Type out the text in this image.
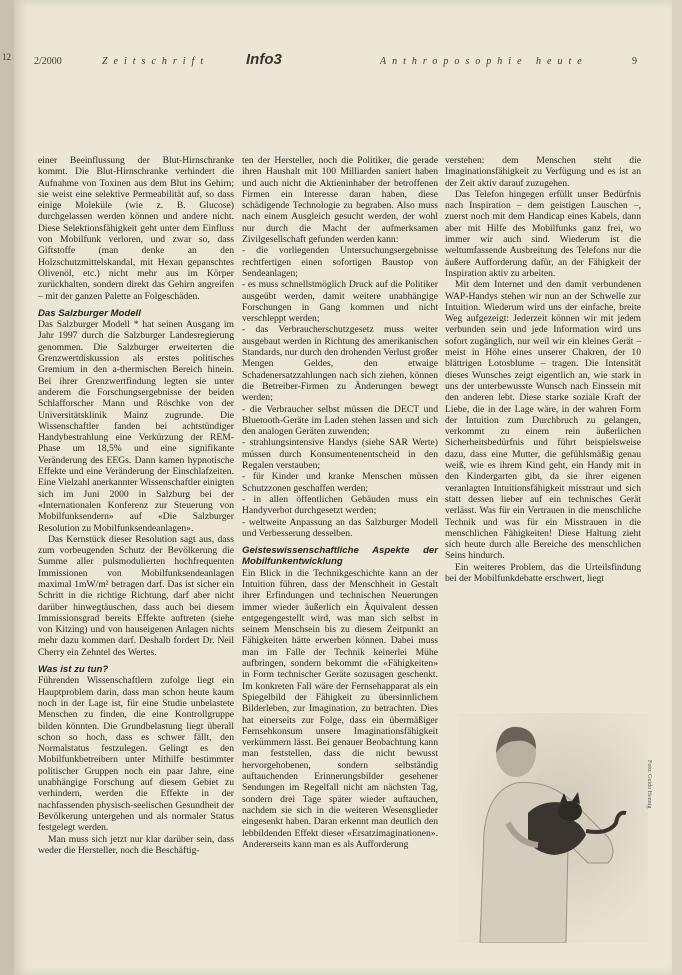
12 2/2000	Zeitschrift Info3	Anthroposophie heute	9

einer Beeinflussung der Blut-Hirnschranke kommt. Die Blut-Hirnschranke verhindert die Aufnahme von Toxinen aus dem Blut ins Gehirn; sie weist eine selektive Permeabilität auf, so dass einige Moleküle (wie z. B. Glucose) durchgelassen werden können und andere nicht. Diese Selektionsfähigkeit geht unter dem Einfluss von Mobilfunk verloren, und zwar so, dass Giftstoffe (man denke an den Holzschutzmittelskandal, mit Hexan gepanschtes Olivenöl, etc.) nicht mehr aus im Körper zurückhalten, sondern direkt das Gehirn angreifen – mit der ganzen Palette an Folgeschäden.

Das Salzburger Modell

Das Salzburger Modell * hat seinen Ausgang im Jahr 1997 durch die Salzburger Landesregierung genommen. Die Salzburger erweiterten die Grenzwertdiskussion als erstes politisches Gremium in den a-thermischen Bereich hinein. Bei ihrer Grenzwertfindung legten sie unter anderem die Forschungsergebnisse der beiden Schlafforscher Mann und Röschke von der Universitätsklinik Mainz zugrunde. Die Wissenschaftler fanden bei achtstündiger Handybestrahlung eine Verkürzung der REM-Phase um 18,5% und eine signifikante Veränderung des EEGs. Dann kamen hypnotische Effekte und eine Veränderung der Einschlafzeiten. Eine Vielzahl anerkannter Wissenschaftler einigten sich im Juni 2000 in Salzburg bei der «Internationalen Konferenz zur Steuerung von Mobilfunksendern» auf «Die Salzburger Resolution zu Mobilfunksendeanlagen».

Das Kernstück dieser Resolution sagt aus, dass zum vorbeugenden Schutz der Bevölkerung die Summe aller pulsmodulierten hochfrequenten Immissionen von Mobilfunksendeanlagen maximal 1mW/m² betragen darf. Das ist sicher ein Schritt in die richtige Richtung, darf aber nicht darüber hinwegtäuschen, dass auch bei diesem Immissionsgrad bereits Effekte auftreten (siehe von Kitzing) und von hauseigenen Anlagen nichts mehr dazu kommen darf. Deshalb fordert Dr. Neil Cherry ein Zehntel des Wertes.

Was ist zu tun?

Führenden Wissenschaftlern zufolge liegt ein Hauptproblem darin, dass man schon heute kaum noch in der Lage ist, für eine Studie unbelastete Menschen zu finden, die eine Kontrollgruppe bilden könnten. Die Grundbelastung liegt überall schon so hoch, dass es schwer fällt, den Normalstatus festzulegen. Gelingt es den Mobilfunkbetreibern unter Mithilfe bestimmter politischer Gruppen noch ein paar Jahre, eine unabhängige Forschung auf diesem Gebiet zu verhindern, werden die Effekte in der nachfassenden physisch-seelischen Gesundheit der Bevölkerung untergehen und als normaler Status festgelegt werden.

Man muss sich jetzt nur klar darüber sein, dass weder die Hersteller, noch die Beschäftig-

ten der Hersteller, noch die Politiker, die gerade ihren Haushalt mit 100 Milliarden saniert haben und auch nicht die Aktieninhaber der betroffenen Firmen ein Interesse daran haben, diese schädigende Technologie zu begraben. Also muss nach einem Ausgleich gesucht werden, der wohl nur durch die Macht der aufmerksamen Zivilgesellschaft gefunden werden kann:

- die vorliegenden Untersuchungsergebnisse rechtfertigen einen sofortigen Baustop von Sendeanlagen;

- es muss schnellstmöglich Druck auf die Politiker ausgeübt werden, damit weitere unabhängige Forschungen in Gang kommen und nicht verschleppt werden;

- das Verbraucherschutzgesetz muss weiter ausgebaut werden in Richtung des amerikanischen Standards, nur durch den drohenden Verlust großer Mengen Geldes, den etwaige Schadenersatzzahlungen nach sich ziehen, können die Betreiber-Firmen zu Änderungen bewegt werden;

- die Verbraucher selbst müssen die DECT und Bluetooth-Geräte im Laden stehen lassen und sich den analogen Geräten zuwenden;

- strahlungsintensive Handys (siehe SAR Werte) müssen durch Konsumentenentscheid in den Regalen verstauben;

- für Kinder und kranke Menschen müssen Schutzzonen geschaffen werden;

- in allen öffentlichen Gebäuden muss ein Handyverbot durchgesetzt werden;

- weltweite Anpassung an das Salzburger Modell und Verbesserung desselben.

Geisteswissenschaftliche Aspekte der Mobilfunkentwicklung

Ein Blick in die Technikgeschichte kann an der Intuition führen, dass der Menschheit in Gestalt ihrer Erfindungen und technischen Neuerungen immer wieder äußerlich ein Äquivalent dessen entgegengestellt wird, was man sich selbst in seinem Menschsein bis zu diesem Zeitpunkt an Fähigkeiten hätte erwerben können. Dabei muss man im Falle der Technik keinerlei Mühe aufbringen, sondern bekommt die «Fähigkeiten» in Form technischer Geräte sozusagen geschenkt. Im konkreten Fall wäre der Fernsehapparat als ein Spiegelbild der Fähigkeit zu übersinnlichem Bilderleben, zur Imagination, zu betrachten. Dies hat einerseits zur Folge, dass ein übermäßiger Fernsehkonsum unsere Imaginationsfähigkeit verkümmern lässt. Bei genauer Beobachtung kann man feststellen, dass die nicht bewusst hervorgehobenen, sondern selbständig auftauchenden Erinnerungsbilder gesehener Sendungen im Regelfall nicht am nächsten Tag, sondern drei Tage später wieder auftauchen, nachdem sie sich in die weiteren Wesensglieder eingesenkt haben. Daran erkennt man deutlich den lebbildenden Effekt dieser «Ersatzimaginationen». Andererseits kann man es als Aufforderung

verstehen: dem Menschen steht die Imaginationsfähigkeit zu Verfügung und es ist an der Zeit aktiv darauf zuzugehen.

Das Telefon hingegen erfüllt unser Bedürfnis nach Inspiration – dem geistigen Lauschen –, zuerst noch mit dem Handicap eines Kabels, dann aber mit Hilfe des Mobilfunks ganz frei, wo immer wir auch sind. Wiederum ist die weltumfassende Ausbreitung des Telefons nur die äußere Aufforderung dafür, an der Fähigkeit der Inspiration aktiv zu arbeiten.

Mit dem Internet und den damit verbundenen WAP-Handys stehen wir nun an der Schwelle zur Intuition. Wiederum wird uns der einfache, breite Weg aufgezeigt: Jederzeit können wir mit jedem verbunden sein und jede Information wird uns sofort zugänglich, nur weil wir ein kleines Gerät – meist in Höhe eines unserer Chakren, der 10 blättrigen Lotosblume – tragen. Die Intensität dieses Wunsches zeigt eigentlich an, wie stark in uns der unterbewusste Wunsch nach Einssein mit den anderen lebt. Diese starke soziale Kraft der Liebe, die in der Lage wäre, in der wahren Form der Intuition zum Durchbruch zu gelangen, verkommt zu einem rein äußerlichen Sicherheitsbedürfnis und führt beispielsweise dazu, dass eine Mutter, die gefühlsmäßig genau weiß, wie es ihrem Kind geht, ein Handy mit in den Kindergarten gibt, da sie ihrer eigenen veranlagten Intuitionsfähigkeit misstraut und sich statt dessen lieber auf ein technisches Gerät verlässt. Was für ein Vertrauen in die menschliche Technik und was für ein Misstrauen in die menschlichen Fähigkeiten! Diese Haltung zieht sich heute durch alle Bereiche des menschlichen Seins hindurch.

Ein weiteres Problem, das die Urteilsfindung bei der Mobilfunkdebatte erschwert, liegt

Foto: Guido Hennig
